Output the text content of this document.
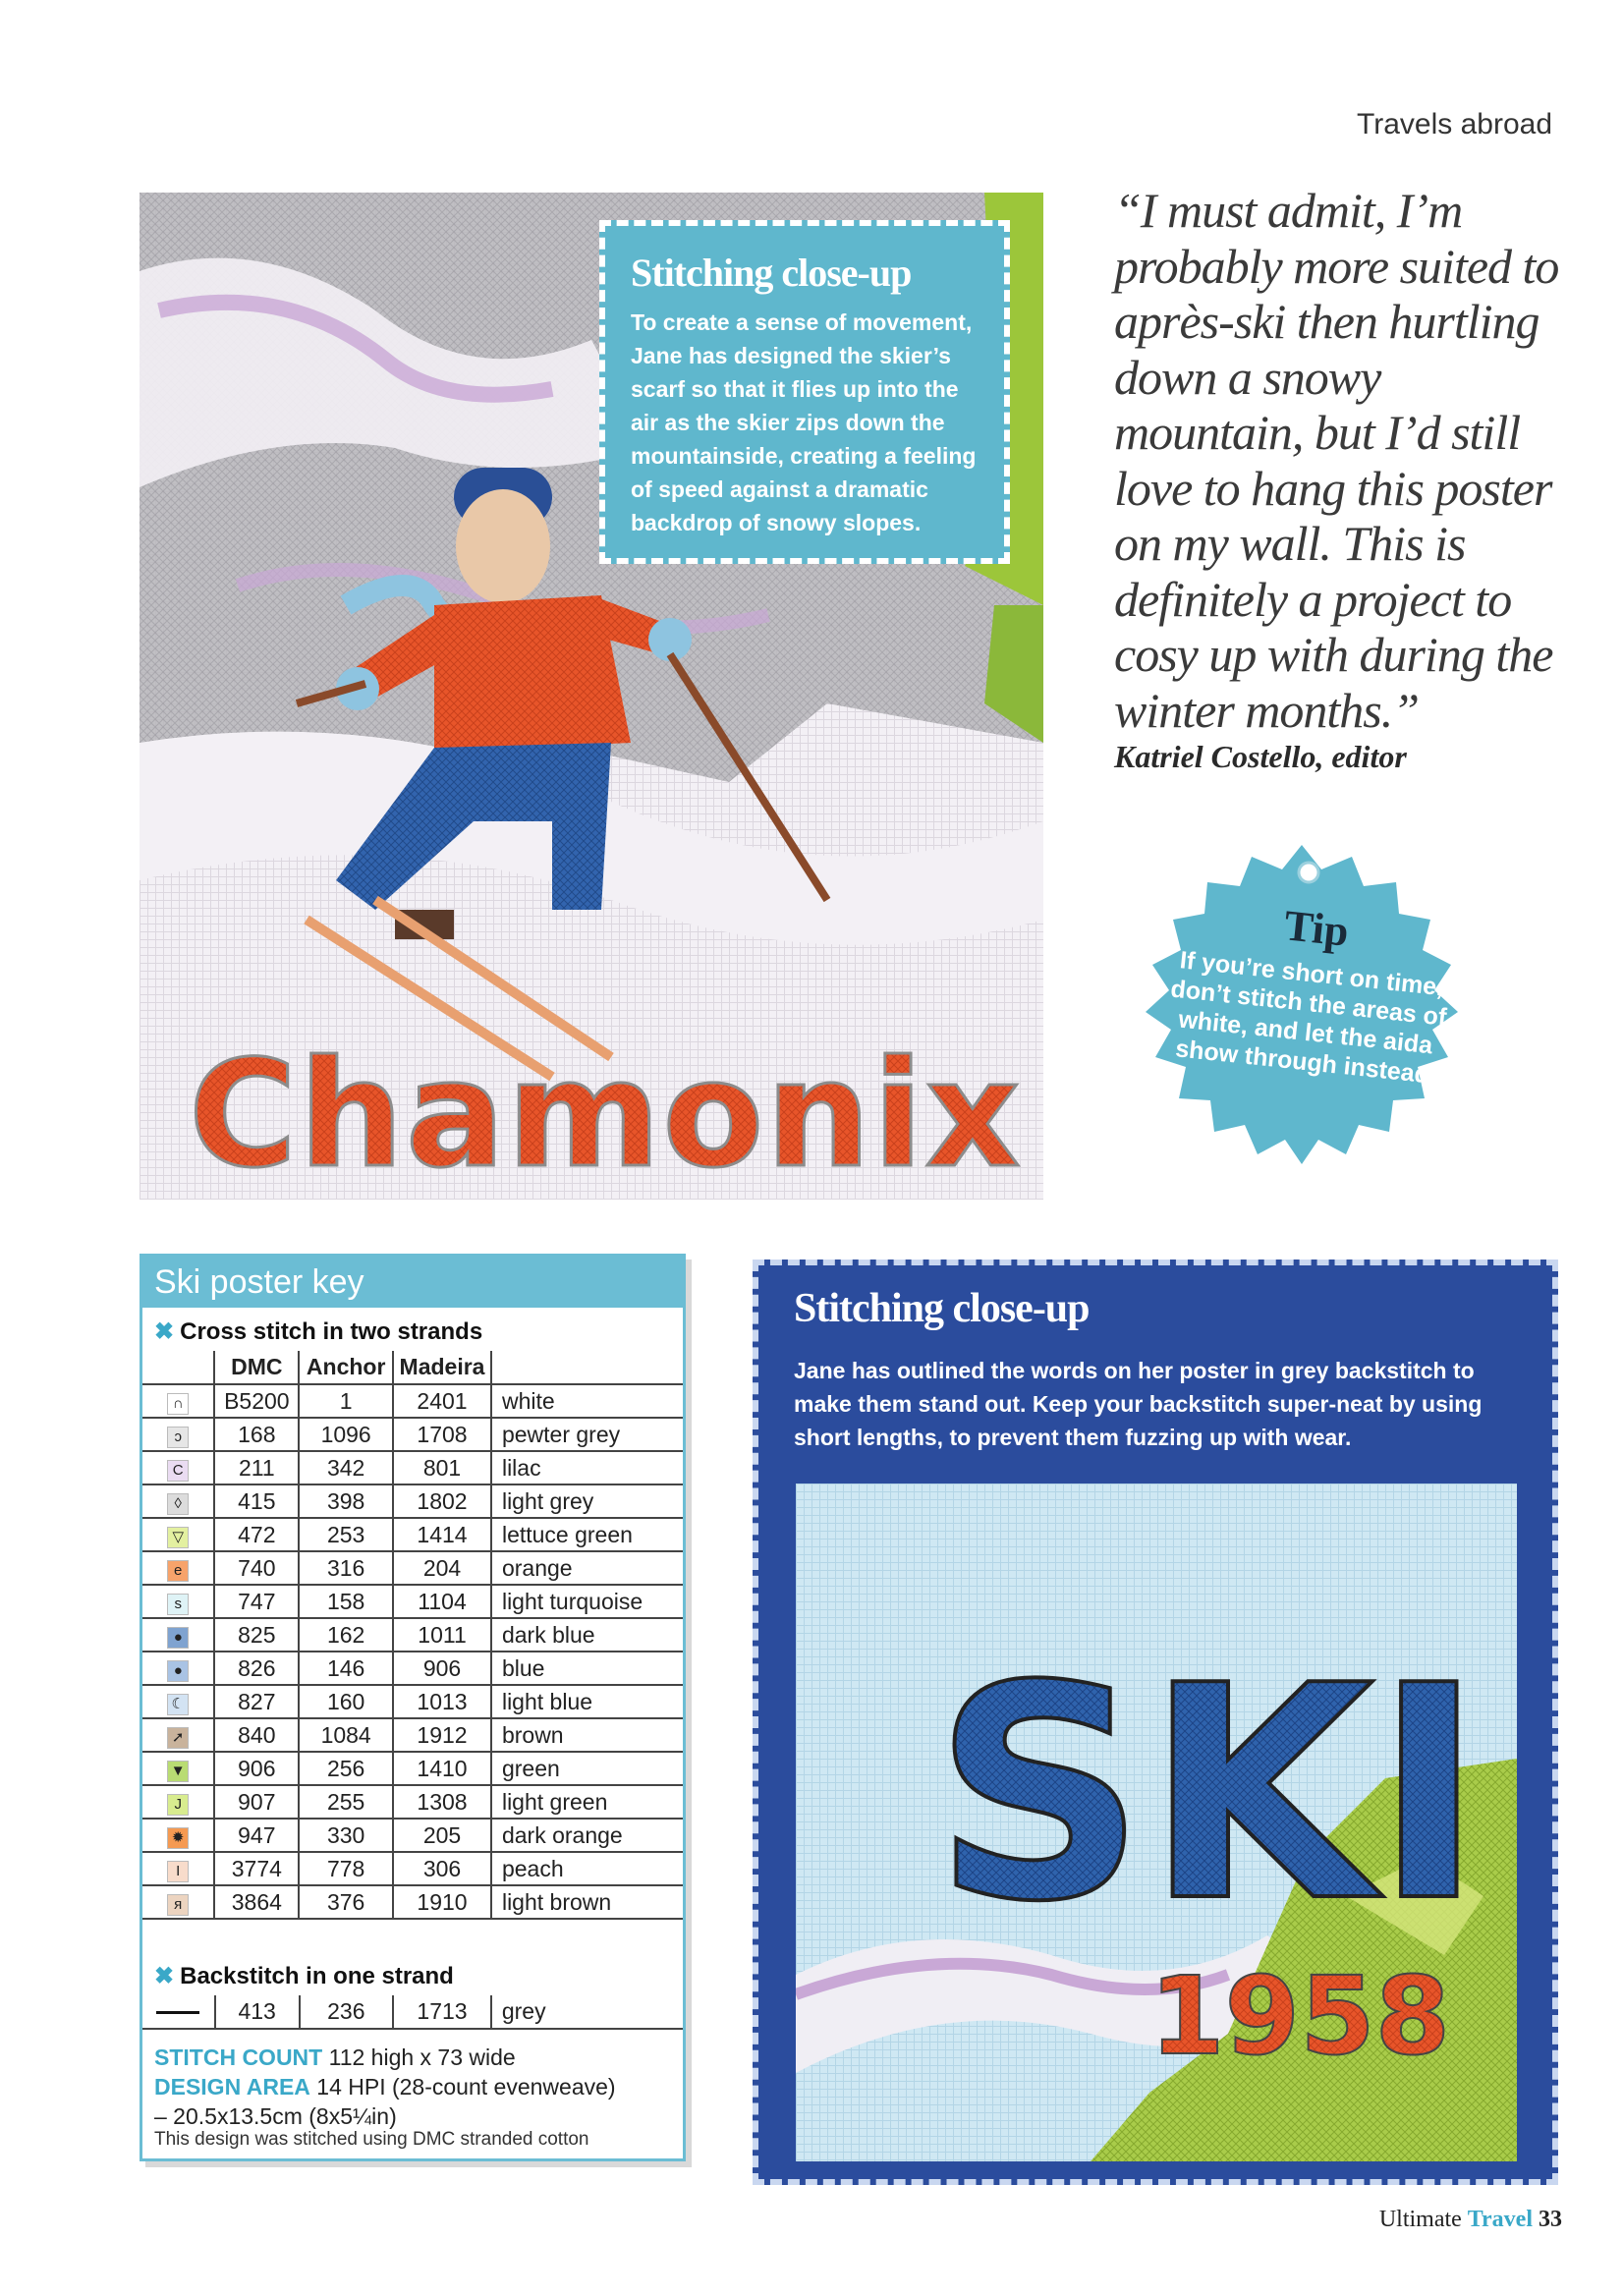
Travels abroad
Chamonix
Stitching close-up

To create a sense of movement, Jane has designed the skier’s scarf so that it flies up into the air as the skier zips down the mountainside, creating a feeling of speed against a dramatic backdrop of snowy slopes.

“I must admit, I’m probably more suited to après-ski then hurtling down a snowy mountain, but I’d still love to hang this poster on my wall. This is definitely a project to cosy up with during the winter months.”
Katriel Costello, editor
Tip
If you’re short on time, don’t stitch the areas of white, and let the aida show through instead
Ski poster key
✖ Cross stitch in two strands
	DMC	Anchor	Madeira	
∩	B5200	1	2401	white
ↄ	168	1096	1708	pewter grey
C	211	342	801	lilac
◊	415	398	1802	light grey
▽	472	253	1414	lettuce green
e	740	316	204	orange
s	747	158	1104	light turquoise
●	825	162	1011	dark blue
●	826	146	906	blue
☾	827	160	1013	light blue
➚	840	1084	1912	brown
▼	906	256	1410	green
J	907	255	1308	light green
✹	947	330	205	dark orange
I	3774	778	306	peach
ᴙ	3864	376	1910	light brown
✖ Backstitch in one strand
	413	236	1713	grey
STITCH COUNT 112 high x 73 wide
DESIGN AREA 14 HPI (28-count evenweave)
– 20.5x13.5cm (8x5¼in)
This design was stitched using DMC stranded cotton
Stitching close-up

Jane has outlined the words on her poster in grey backstitch to make them stand out. Keep your backstitch super-neat by using short lengths, to prevent them fuzzing up with wear.

SKI
1958
Ultimate Travel 33
